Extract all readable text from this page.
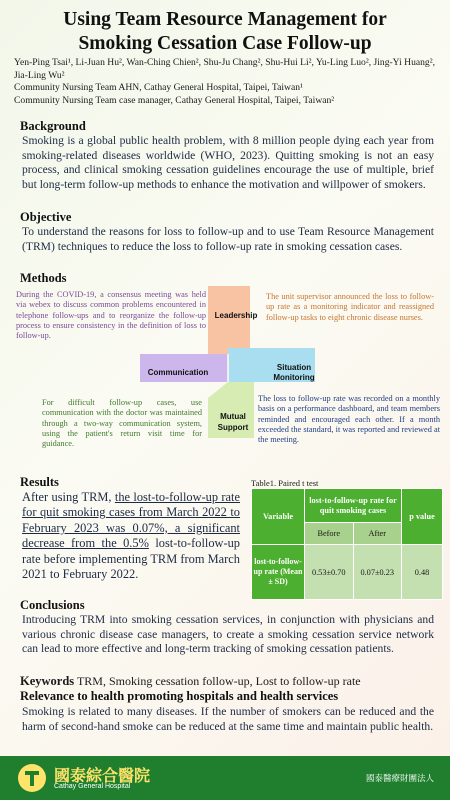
Using Team Resource Management for
Smoking Cessation Case Follow-up
Yen-Ping Tsai¹, Li-Juan Hu², Wan-Ching Chien², Shu-Ju Chang², Shu-Hui Li², Yu-Ling Luo², Jing-Yi Huang², Jia-Ling Wu²
Community Nursing Team AHN, Cathay General Hospital, Taipei, Taiwan¹
Community Nursing Team case manager, Cathay General Hospital, Taipei, Taiwan²
Background
Smoking is a global public health problem, with 8 million people dying each year from smoking-related diseases worldwide (WHO, 2023). Quitting smoking is not an easy process, and clinical smoking cessation guidelines encourage the use of multiple, brief but long-term follow-up methods to enhance the motivation and willpower of smokers.
Objective
To understand the reasons for loss to follow-up and to use Team Resource Management (TRM) techniques to reduce the loss to follow-up rate in smoking cessation cases.
Methods
Leadership
Communication
Situation Monitoring
Mutual Support
During the COVID-19, a consensus meeting was held via webex to discuss common problems encountered in telephone follow-ups and to reorganize the follow-up process to ensure consistency in the definition of loss to follow-up.
The unit supervisor announced the loss to follow-up rate as a monitoring indicator and reassigned follow-up tasks to eight chronic disease nurses.
For difficult follow-up cases, use communication with the doctor was maintained through a two-way communication system, using the patient's return visit time for guidance.
The loss to follow-up rate was recorded on a monthly basis on a performance dashboard, and team members reminded and encouraged each other. If a month exceeded the standard, it was reported and reviewed at the meeting.
Results
After using TRM, the lost-to-follow-up rate for quit smoking cases from March 2022 to February 2023 was 0.07%, a significant decrease from the 0.5% lost-to-follow-up rate before implementing TRM from March 2021 to February 2022.
Table1. Paired t test
Variable	lost-to-follow-up rate for quit smoking cases		p value
	Before	After	
lost-to-follow-up rate (Mean ± SD)	0.53±0.70	0.07±0.23	0.48
Conclusions
Introducing TRM into smoking cessation services, in conjunction with physicians and various chronic disease case managers, to create a smoking cessation service network can lead to more effective and long-term tracking of smoking cessation patients.
Keywords TRM, Smoking cessation follow-up, Lost to follow-up rate
Relevance to health promoting hospitals and health services
Smoking is related to many diseases. If the number of smokers can be reduced and the harm of second-hand smoke can be reduced at the same time and maintain public health.
國泰綜合醫院
Cathay General Hospital
國泰醫療財團法人
